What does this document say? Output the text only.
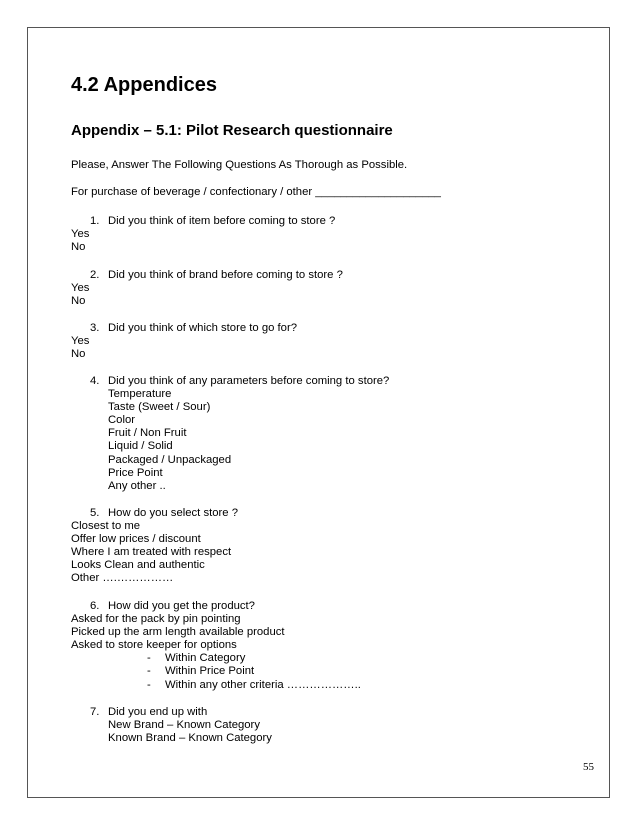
4.2 Appendices
Appendix – 5.1: Pilot Research questionnaire
Please, Answer The Following Questions As Thorough as Possible.
For purchase of beverage / confectionary / other ____________________
1. Did you think of item before coming to store ?
Yes
No
2. Did you think of brand before coming to store ?
Yes
No
3. Did you think of which store to go for?
Yes
No
4. Did you think of any parameters before coming to store?
Temperature
Taste (Sweet / Sour)
Color
Fruit / Non Fruit
Liquid / Solid
Packaged / Unpackaged
Price Point
Any other ..
5. How do you select store ?
Closest to me
Offer low prices / discount
Where I am treated with respect
Looks Clean and authentic
Other ….……………
6. How did you get the product?
Asked for the pack by pin pointing
Picked up the arm length available product
Asked to store keeper for options
- Within Category
- Within Price Point
- Within any other criteria ………………..
7. Did you end up with
New Brand – Known Category
Known Brand – Known Category
55
